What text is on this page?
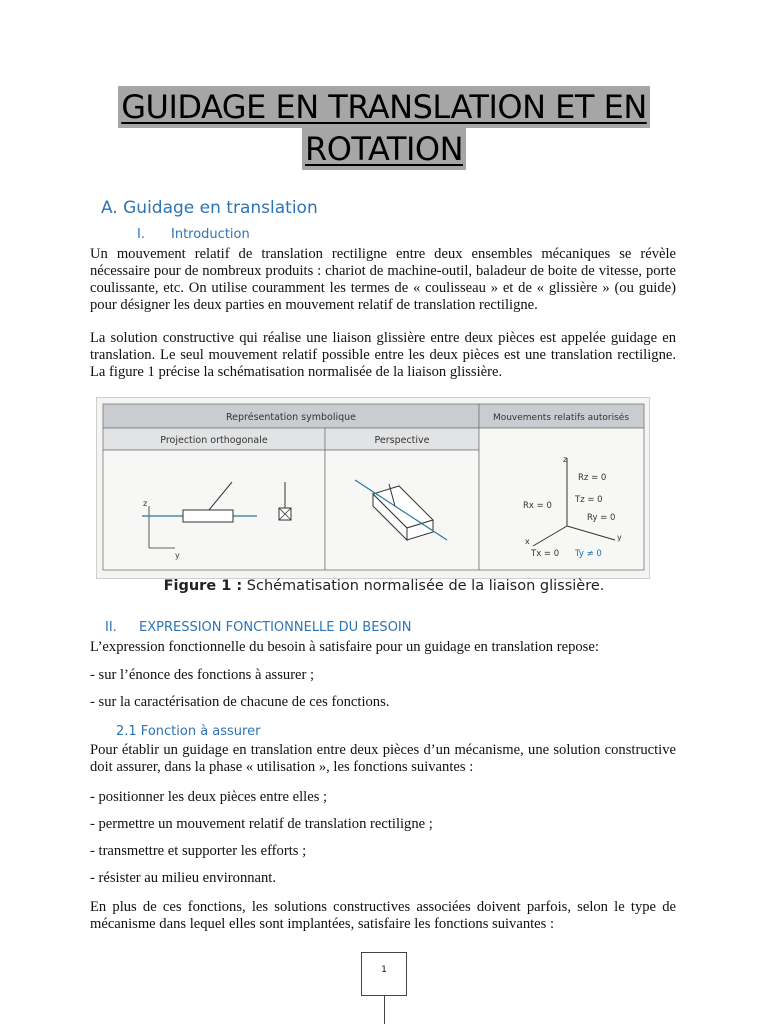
GUIDAGE EN TRANSLATION ET EN
ROTATION
A. Guidage en translation
I. Introduction
Un mouvement relatif de translation rectiligne entre deux ensembles mécaniques se révèle nécessaire pour de nombreux produits : chariot de machine-outil, baladeur de boite de vitesse, porte coulissante, etc. On utilise couramment les termes de « coulisseau » et de « glissière » (ou guide) pour désigner les deux parties en mouvement relatif de translation rectiligne.
La solution constructive qui réalise une liaison glissière entre deux pièces est appelée guidage en translation. Le seul mouvement relatif possible entre les deux pièces est une translation rectiligne. La figure 1 précise la schématisation normalisée de la liaison glissière.
Représentation symbolique	Mouvements relatifs autorisés
Projection orthogonale	Perspective
z
y
z
x	y
Rz = 0
Tz = 0
Rx = 0
Ry = 0
Tx = 0 Ty ≠ 0
Figure 1 : Schématisation normalisée de la liaison glissière.
II. EXPRESSION FONCTIONNELLE DU BESOIN
L’expression fonctionnelle du besoin à satisfaire pour un guidage en translation repose:
- sur l’énonce des fonctions à assurer ;
- sur la caractérisation de chacune de ces fonctions.
2.1 Fonction à assurer
Pour établir un guidage en translation entre deux pièces d’un mécanisme, une solution constructive doit assurer, dans la phase « utilisation », les fonctions suivantes :
- positionner les deux pièces entre elles ;
- permettre un mouvement relatif de translation rectiligne ;
- transmettre et supporter les efforts ;
- résister au milieu environnant.
En plus de ces fonctions, les solutions constructives associées doivent parfois, selon le type de mécanisme dans lequel elles sont implantées, satisfaire les fonctions suivantes :
1
